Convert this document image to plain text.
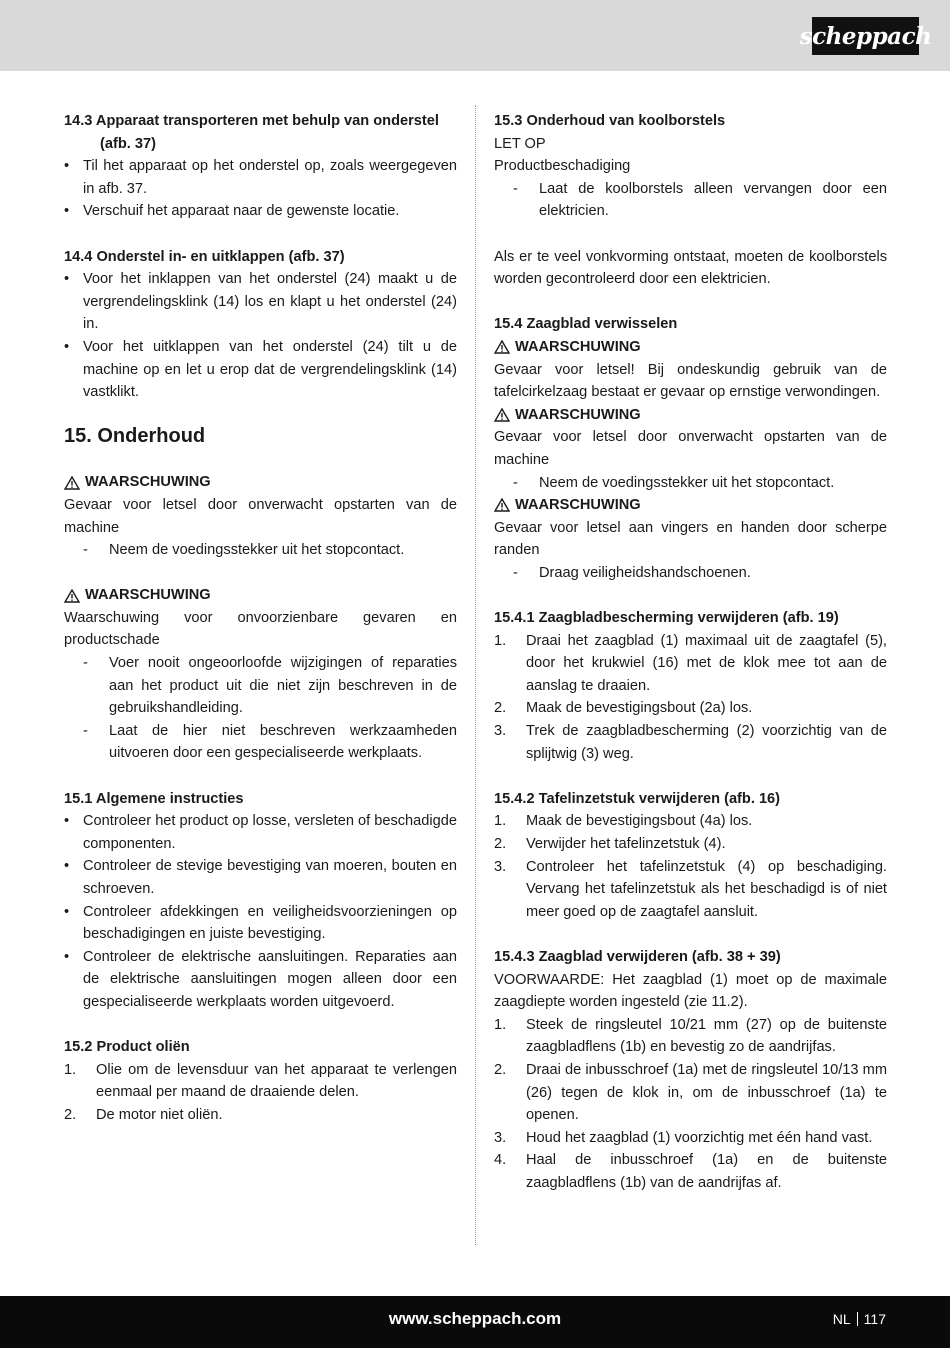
scheppach
14.3 Apparaat transporteren met behulp van onderstel (afb. 37)
• Til het apparaat op het onderstel op, zoals weergegeven in afb. 37.
• Verschuif het apparaat naar de gewenste locatie.
14.4 Onderstel in- en uitklappen (afb. 37)
• Voor het inklappen van het onderstel (24) maakt u de vergrendelingsklink (14) los en klapt u het onderstel (24) in.
• Voor het uitklappen van het onderstel (24) tilt u de machine op en let u erop dat de vergrendelingsklink (14) vastklikt.
15. Onderhoud
WAARSCHUWING
Gevaar voor letsel door onverwacht opstarten van de machine
-	Neem de voedingsstekker uit het stopcontact.
WAARSCHUWING
Waarschuwing voor onvoorzienbare gevaren en productschade
-	Voer nooit ongeoorloofde wijzigingen of reparaties aan het product uit die niet zijn beschreven in de gebruikshandleiding.
-	Laat de hier niet beschreven werkzaamheden uitvoeren door een gespecialiseerde werkplaats.
15.1 Algemene instructies
• Controleer het product op losse, versleten of beschadigde componenten.
• Controleer de stevige bevestiging van moeren, bouten en schroeven.
• Controleer afdekkingen en veiligheidsvoorzieningen op beschadigingen en juiste bevestiging.
• Controleer de elektrische aansluitingen. Reparaties aan de elektrische aansluitingen mogen alleen door een gespecialiseerde werkplaats worden uitgevoerd.
15.2 Product oliën
1.	Olie om de levensduur van het apparaat te verlengen eenmaal per maand de draaiende delen.
2.	De motor niet oliën.
15.3 Onderhoud van koolborstels
LET OP
Productbeschadiging
-	Laat de koolborstels alleen vervangen door een elektricien.
Als er te veel vonkvorming ontstaat, moeten de koolborstels worden gecontroleerd door een elektricien.
15.4 Zaagblad verwisselen
WAARSCHUWING
Gevaar voor letsel! Bij ondeskundig gebruik van de tafelcirkelzaag bestaat er gevaar op ernstige verwondingen.
WAARSCHUWING
Gevaar voor letsel door onverwacht opstarten van de machine
-	Neem de voedingsstekker uit het stopcontact.
WAARSCHUWING
Gevaar voor letsel aan vingers en handen door scherpe randen
-	Draag veiligheidshandschoenen.
15.4.1 Zaagbladbescherming verwijderen (afb. 19)
1.	Draai het zaagblad (1) maximaal uit de zaagtafel (5), door het krukwiel (16) met de klok mee tot aan de aanslag te draaien.
2.	Maak de bevestigingsbout (2a) los.
3.	Trek de zaagbladbescherming (2) voorzichtig van de splijtwig (3) weg.
15.4.2 Tafelinzetstuk verwijderen (afb. 16)
1.	Maak de bevestigingsbout (4a) los.
2.	Verwijder het tafelinzetstuk (4).
3.	Controleer het tafelinzetstuk (4) op beschadiging. Vervang het tafelinzetstuk als het beschadigd is of niet meer goed op de zaagtafel aansluit.
15.4.3 Zaagblad verwijderen (afb. 38 + 39)
VOORWAARDE: Het zaagblad (1) moet op de maximale zaagdiepte worden ingesteld (zie 11.2).
1.	Steek de ringsleutel 10/21 mm (27) op de buitenste zaagbladflens (1b) en bevestig zo de aandrijfas.
2.	Draai de inbusschroef (1a) met de ringsleutel 10/13 mm (26) tegen de klok in, om de inbusschroef (1a) te openen.
3.	Houd het zaagblad (1) voorzichtig met één hand vast.
4.	Haal de inbusschroef (1a) en de buitenste zaagbladflens (1b) van de aandrijfas af.
www.scheppach.com	NL 117
